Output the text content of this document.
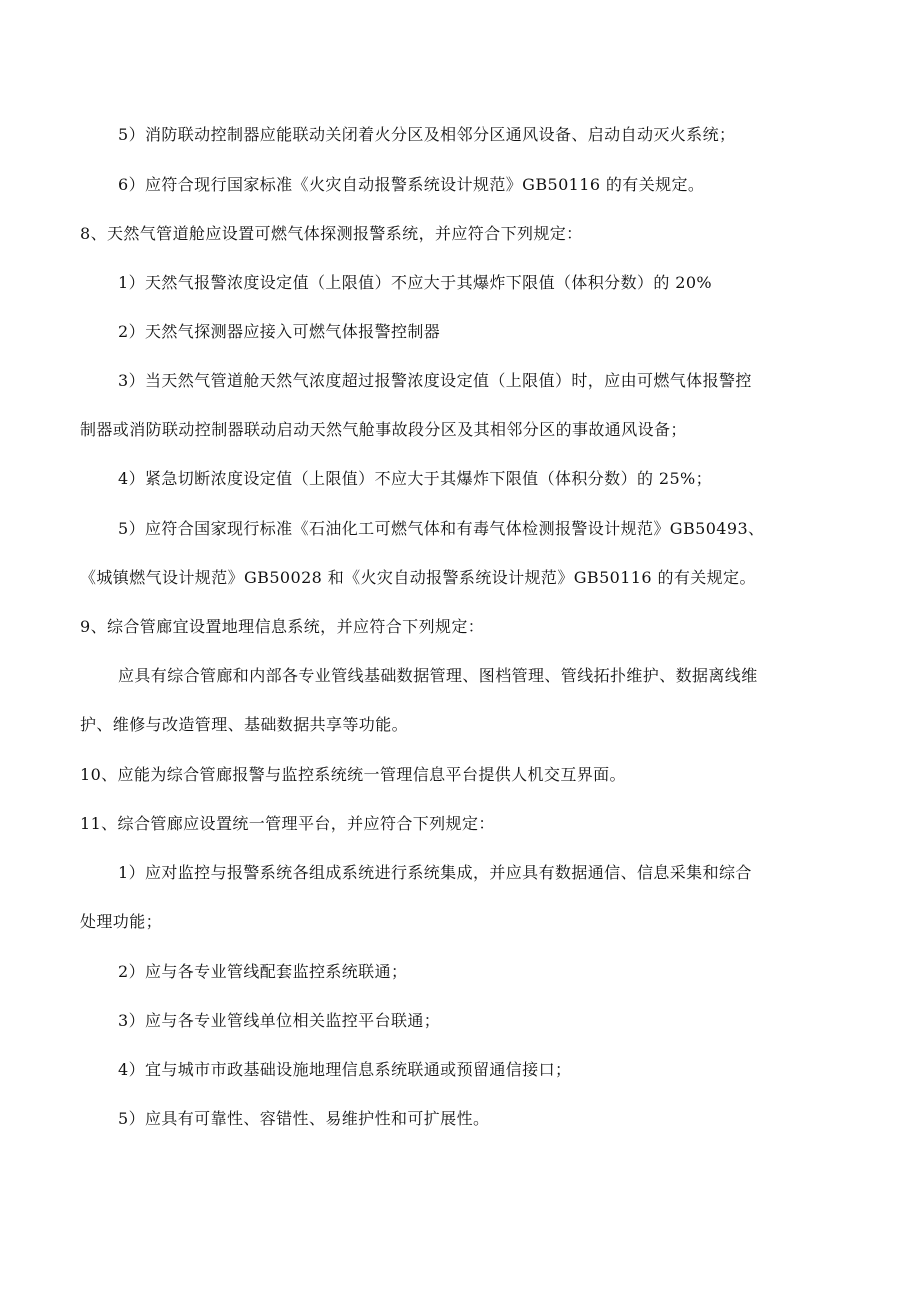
5）消防联动控制器应能联动关闭着火分区及相邻分区通风设备、启动自动灭火系统；
6）应符合现行国家标准《火灾自动报警系统设计规范》GB50116 的有关规定。
8、天然气管道舱应设置可燃气体探测报警系统，并应符合下列规定：
1）天然气报警浓度设定值（上限值）不应大于其爆炸下限值（体积分数）的 20%
2）天然气探测器应接入可燃气体报警控制器
3）当天然气管道舱天然气浓度超过报警浓度设定值（上限值）时，应由可燃气体报警控
制器或消防联动控制器联动启动天然气舱事故段分区及其相邻分区的事故通风设备；
4）紧急切断浓度设定值（上限值）不应大于其爆炸下限值（体积分数）的 25%；
5）应符合国家现行标准《石油化工可燃气体和有毒气体检测报警设计规范》GB50493、
《城镇燃气设计规范》GB50028 和《火灾自动报警系统设计规范》GB50116 的有关规定。
9、综合管廊宜设置地理信息系统，并应符合下列规定：
应具有综合管廊和内部各专业管线基础数据管理、图档管理、管线拓扑维护、数据离线维
护、维修与改造管理、基础数据共享等功能。
10、应能为综合管廊报警与监控系统统一管理信息平台提供人机交互界面。
11、综合管廊应设置统一管理平台，并应符合下列规定：
1）应对监控与报警系统各组成系统进行系统集成，并应具有数据通信、信息采集和综合
处理功能；
2）应与各专业管线配套监控系统联通；
3）应与各专业管线单位相关监控平台联通；
4）宜与城市市政基础设施地理信息系统联通或预留通信接口；
5）应具有可靠性、容错性、易维护性和可扩展性。
